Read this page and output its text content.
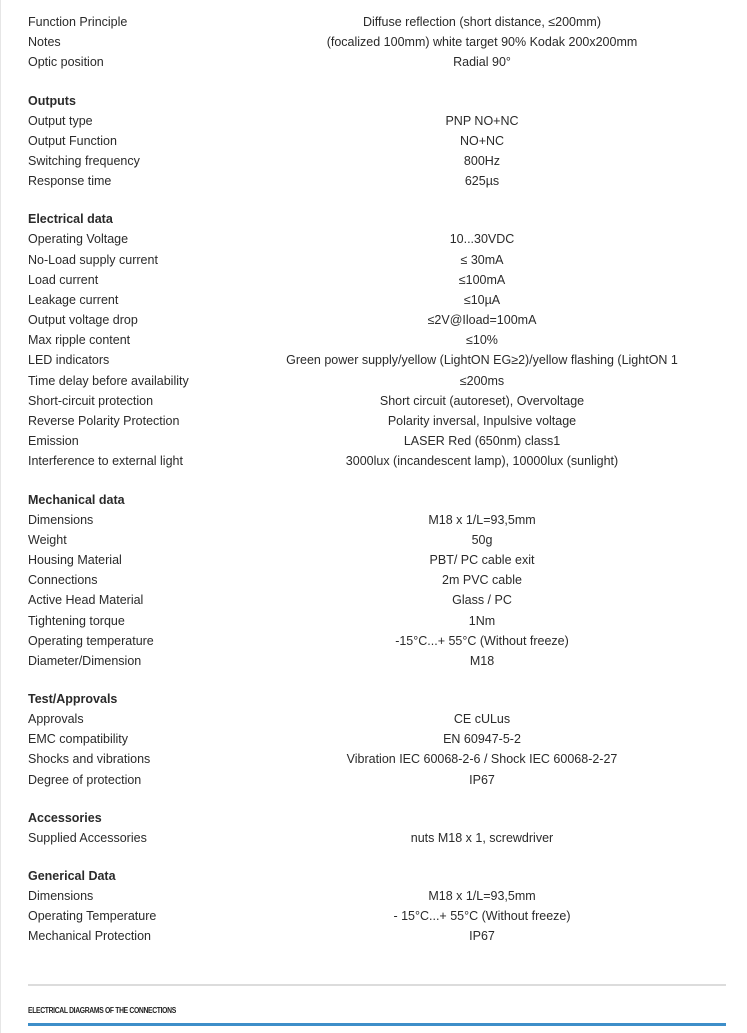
Function Principle	Diffuse reflection (short distance, ≤200mm)
Notes	(focalized 100mm) white target 90% Kodak 200x200mm
Optic position	Radial 90°
Outputs
Output type	PNP NO+NC
Output Function	NO+NC
Switching frequency	800Hz
Response time	625µs
Electrical data
Operating Voltage	10...30VDC
No-Load supply current	≤ 30mA
Load current	≤100mA
Leakage current	≤10µA
Output voltage drop	≤2V@Iload=100mA
Max ripple content	≤10%
LED indicators	Green power supply/yellow (LightON EG≥2)/yellow flashing (LightON 1
Time delay before availability	≤200ms
Short-circuit protection	Short circuit (autoreset), Overvoltage
Reverse Polarity Protection	Polarity inversal, Inpulsive voltage
Emission	LASER Red (650nm) class1
Interference to external light	3000lux (incandescent lamp), 10000lux (sunlight)
Mechanical data
Dimensions	M18 x 1/L=93,5mm
Weight	50g
Housing Material	PBT/ PC cable exit
Connections	2m PVC cable
Active Head Material	Glass / PC
Tightening torque	1Nm
Operating temperature	-15°C...+ 55°C (Without freeze)
Diameter/Dimension	M18
Test/Approvals
Approvals	CE cULus
EMC compatibility	EN 60947-5-2
Shocks and vibrations	Vibration IEC 60068-2-6 / Shock IEC 60068-2-27
Degree of protection	IP67
Accessories
Supplied Accessories	nuts M18 x 1, screwdriver
Generical Data
Dimensions	M18 x 1/L=93,5mm
Operating Temperature	- 15°C...+ 55°C (Without freeze)
Mechanical Protection	IP67
ELECTRICAL DIAGRAMS OF THE CONNECTIONS
